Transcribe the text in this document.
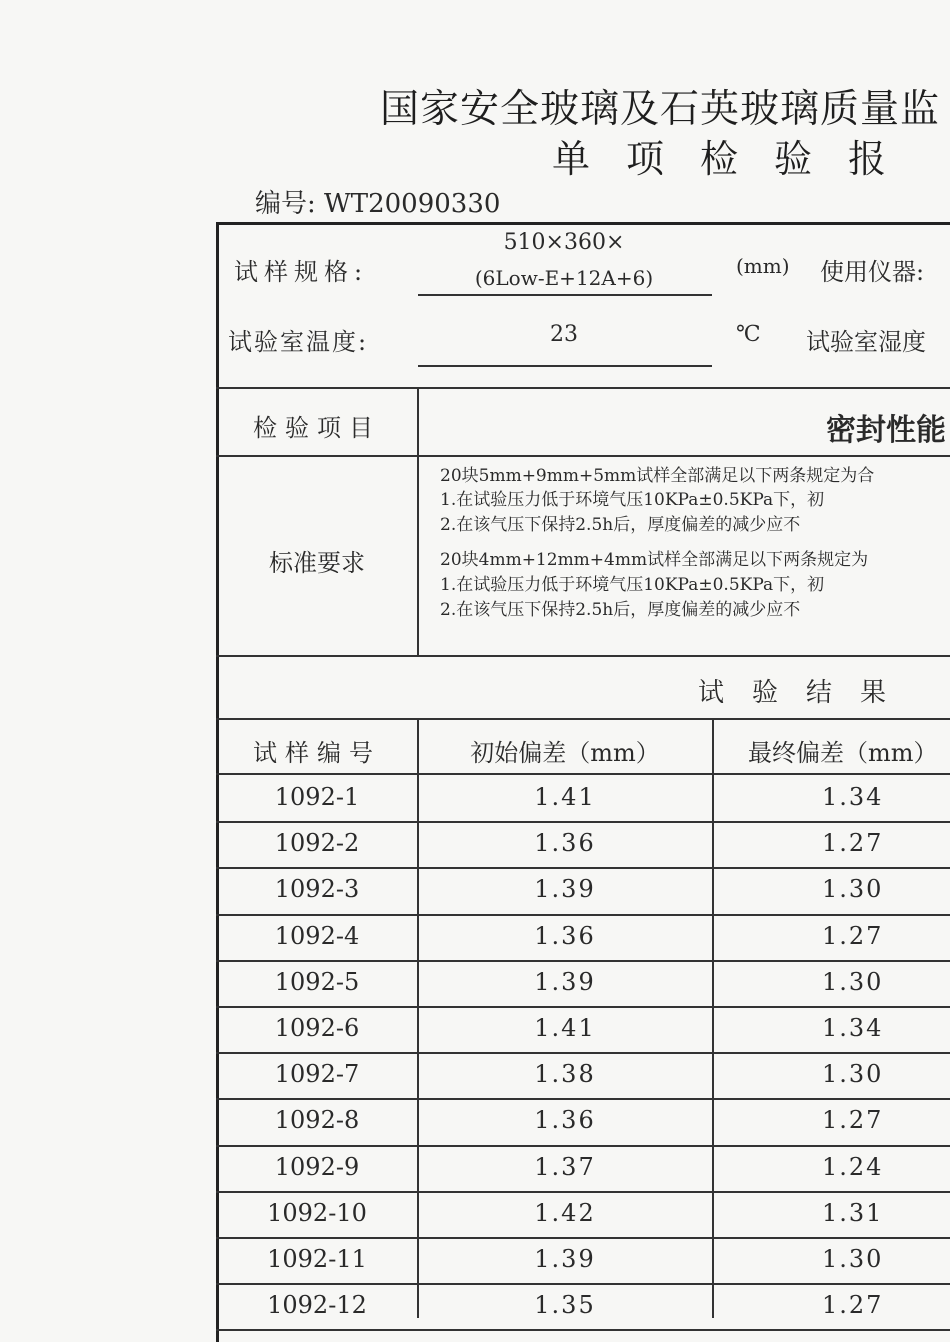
国家安全玻璃及石英玻璃质量监
单项检验报
编号: WT20090330
试样规格:
510×360×
(6Low-E+12A+6)	(mm) 使用仪器:
试验室温度:	23	℃ 试验室湿度
检验项目	密封性能
标准要求
20块5mm+9mm+5mm试样全部满足以下两条规定为合
1.在试验压力低于环境气压10KPa±0.5KPa下，初
2.在该气压下保持2.5h后，厚度偏差的减少应不
20块4mm+12mm+4mm试样全部满足以下两条规定为
1.在试验压力低于环境气压10KPa±0.5KPa下，初
2.在该气压下保持2.5h后，厚度偏差的减少应不
试验结果
试样编号	初始偏差（mm）	最终偏差（mm）
1092-1	1.41	1.34
1092-2	1.36	1.27
1092-3	1.39	1.30
1092-4	1.36	1.27
1092-5	1.39	1.30
1092-6	1.41	1.34
1092-7	1.38	1.30
1092-8	1.36	1.27
1092-9	1.37	1.24
1092-10	1.42	1.31
1092-11	1.39	1.30
1092-12	1.35	1.27
